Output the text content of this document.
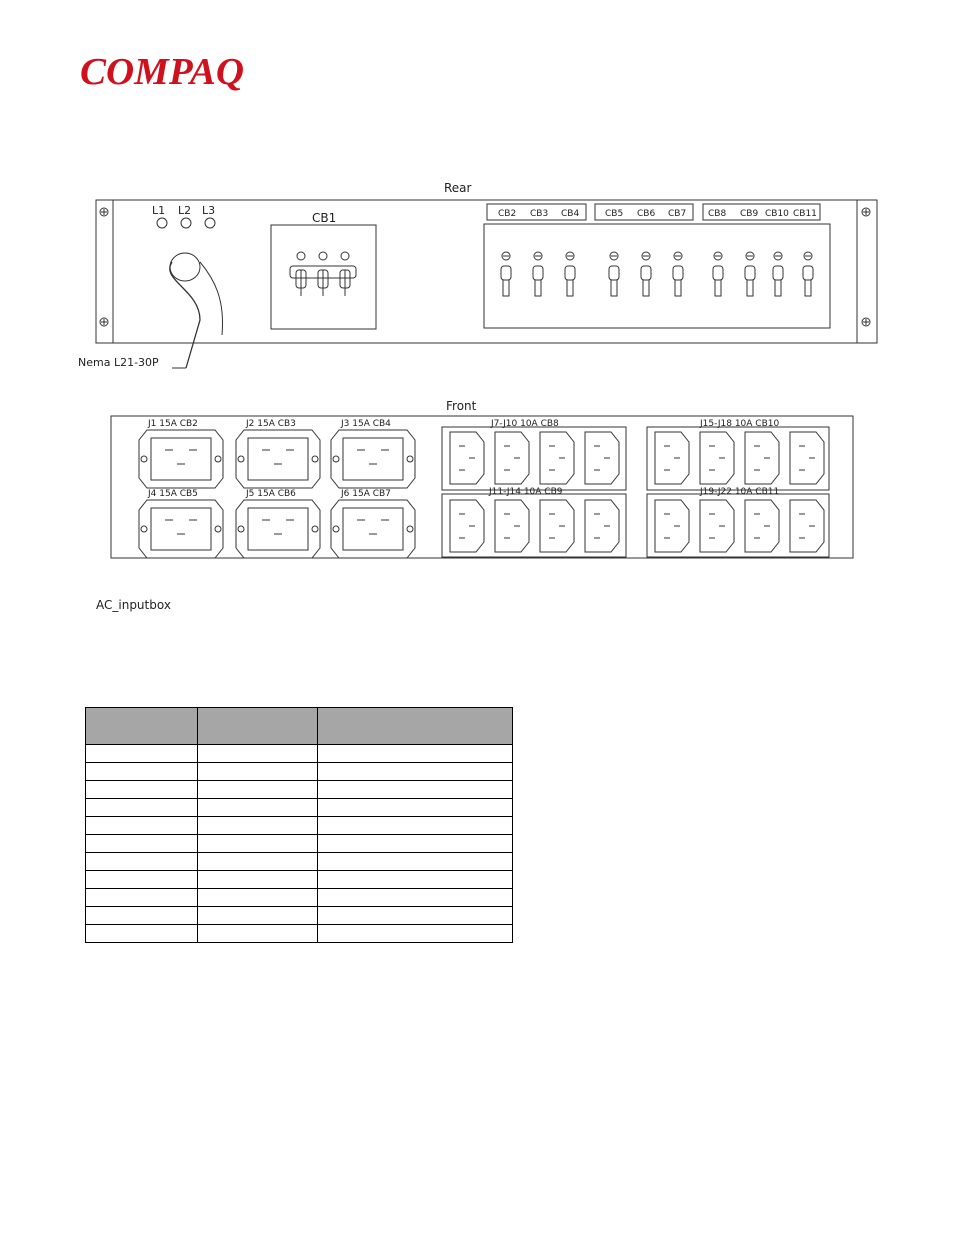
COMPAQ
Rear
CB1
L1 L2 L3
Nema L21-30P
Front
CB2 CB3 CB4	CB5 CB6 CB7 CB8 CB9 CB10 CB11
J1 15A CB2	J2 15A CB3	J3 15A CB4
J4 15A CB5	J5 15A CB6	J6 15A CB7
J7-J10 10A CB8	J15-J18 10A CB10
J11-J14 10A CB9	J19-J22 10A CB11
AC_inputbox
